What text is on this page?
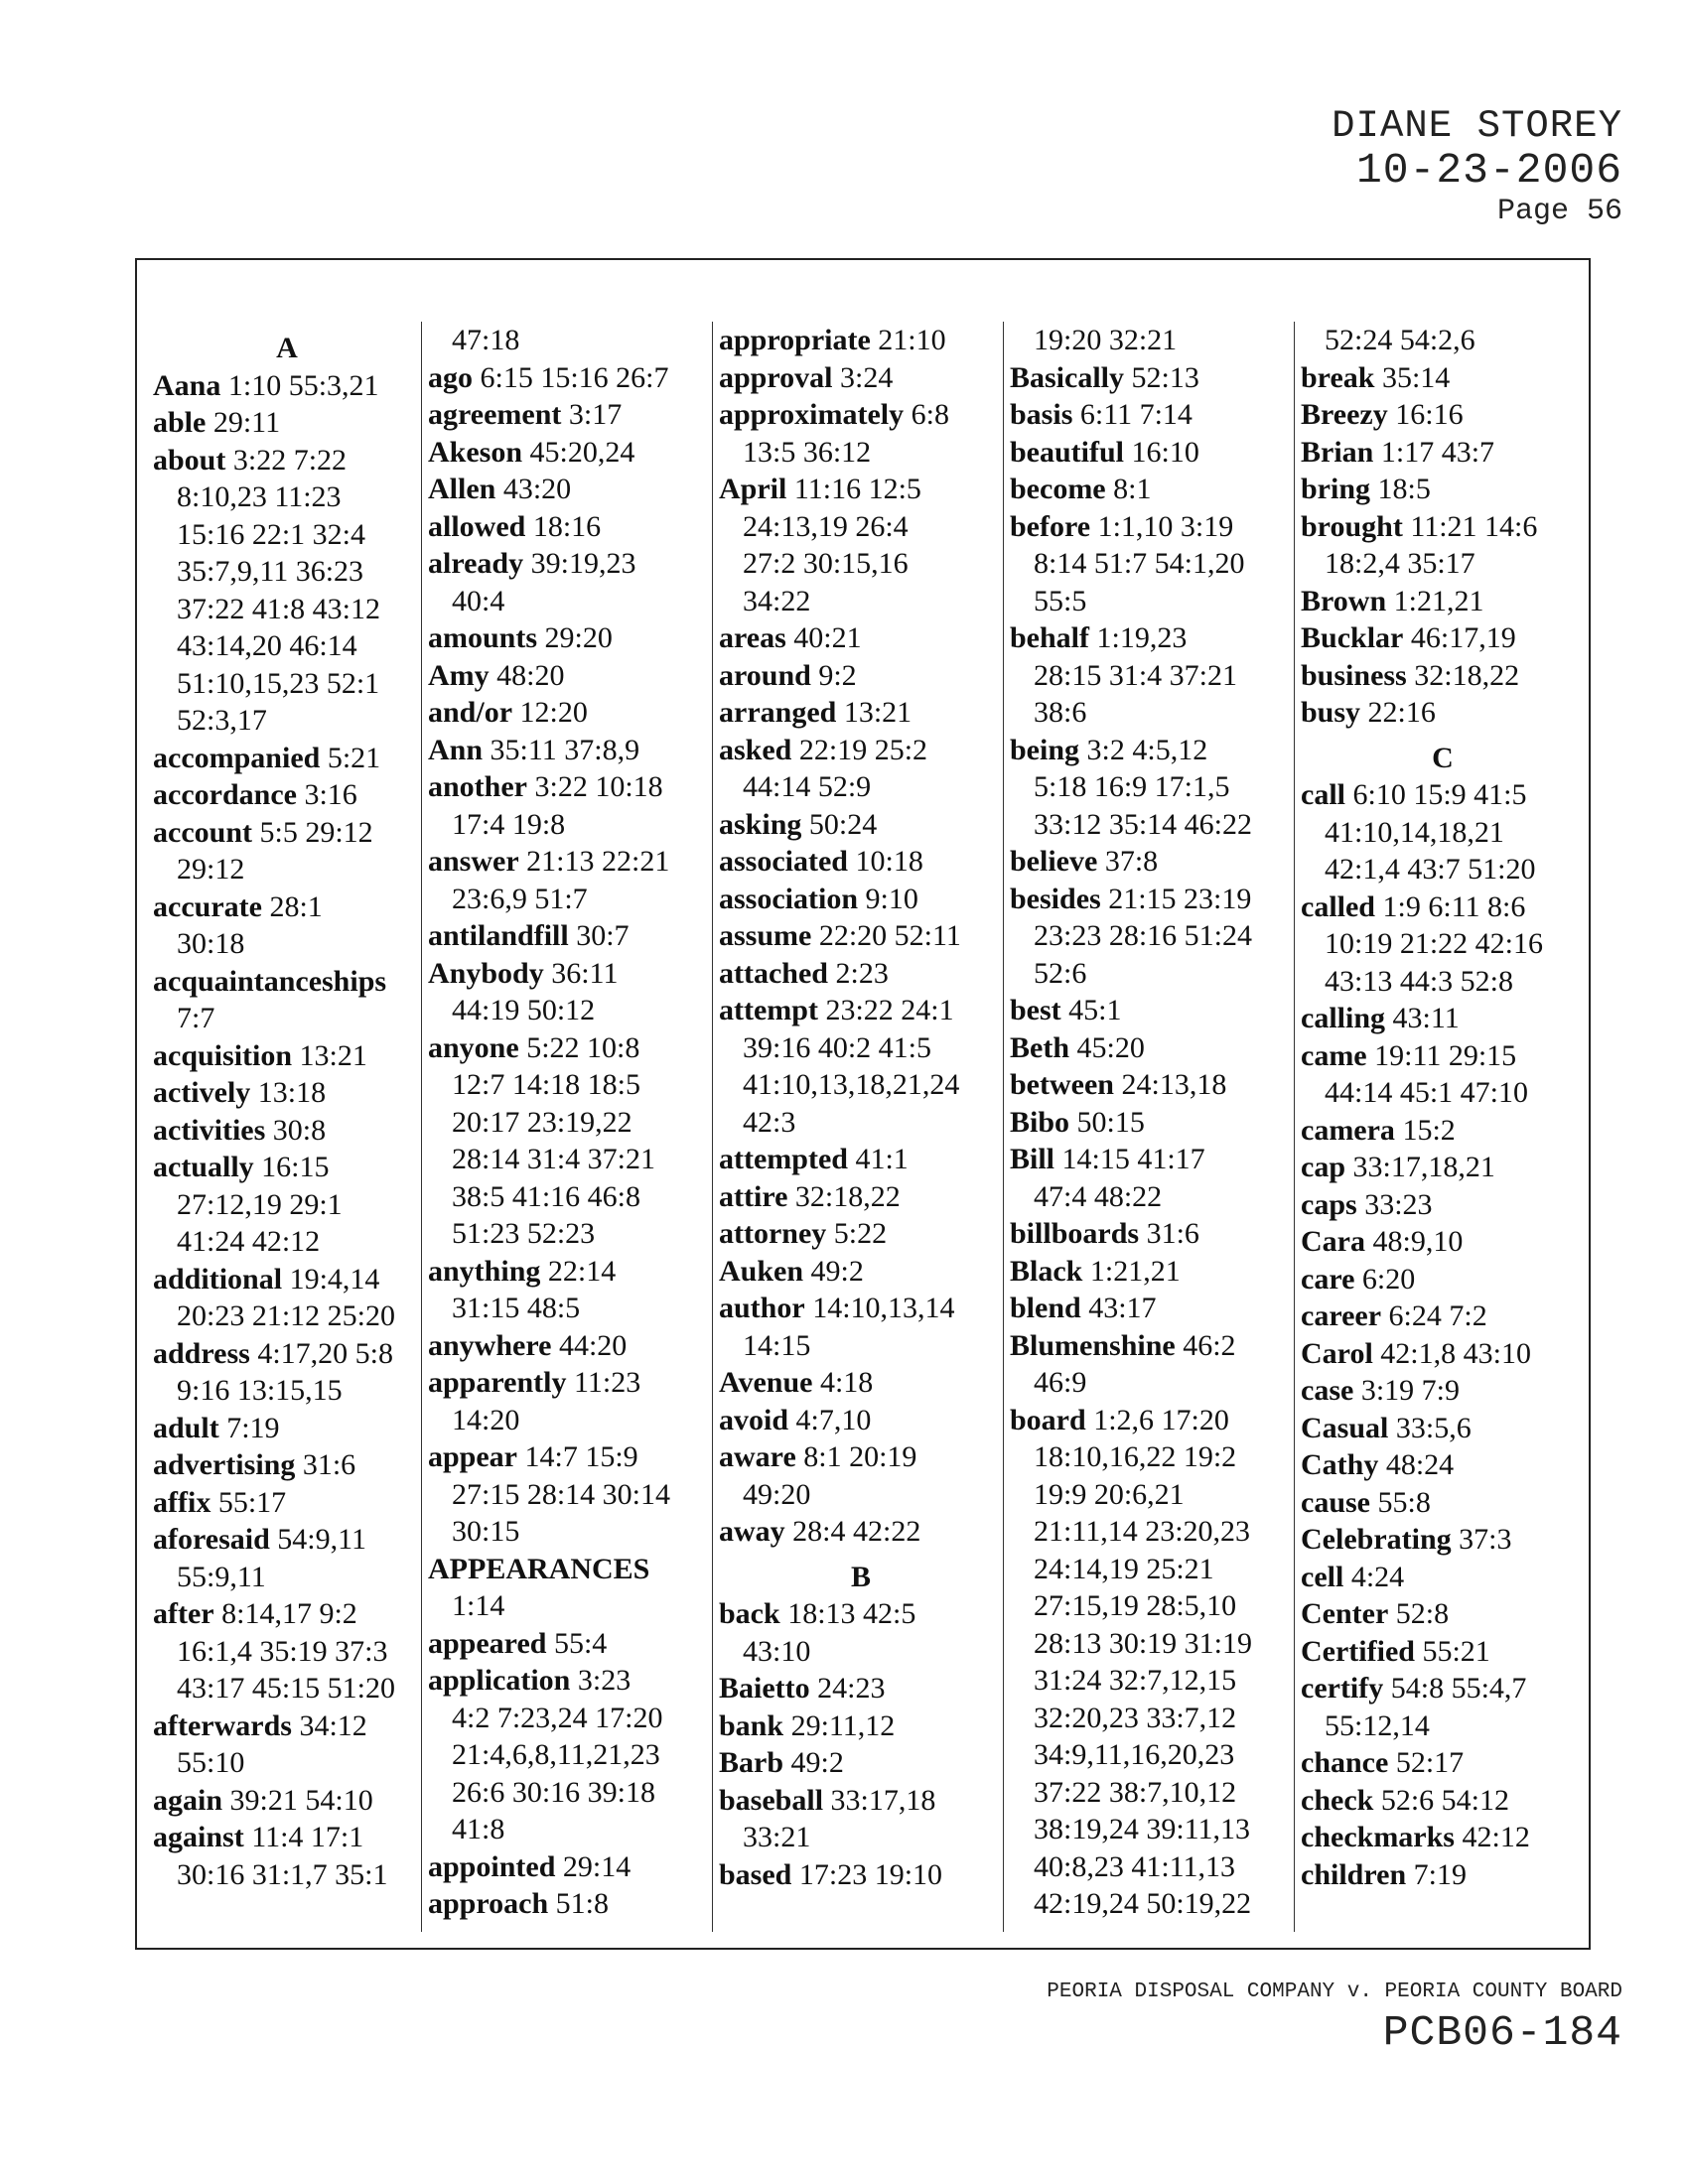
DIANE STOREY
10-23-2006
Page 56
A
Aana 1:10 55:3,21
able 29:11
about 3:22 7:22
8:10,23 11:23
15:16 22:1 32:4
35:7,9,11 36:23
37:22 41:8 43:12
43:14,20 46:14
51:10,15,23 52:1
52:3,17
accompanied 5:21
accordance 3:16
account 5:5 29:12
29:12
accurate 28:1
30:18
acquaintanceships
7:7
acquisition 13:21
actively 13:18
activities 30:8
actually 16:15
27:12,19 29:1
41:24 42:12
additional 19:4,14
20:23 21:12 25:20
address 4:17,20 5:8
9:16 13:15,15
adult 7:19
advertising 31:6
affix 55:17
aforesaid 54:9,11
55:9,11
after 8:14,17 9:2
16:1,4 35:19 37:3
43:17 45:15 51:20
afterwards 34:12
55:10
again 39:21 54:10
against 11:4 17:1
30:16 31:1,7 35:1
47:18
ago 6:15 15:16 26:7
agreement 3:17
Akeson 45:20,24
Allen 43:20
allowed 18:16
already 39:19,23
40:4
amounts 29:20
Amy 48:20
and/or 12:20
Ann 35:11 37:8,9
another 3:22 10:18
17:4 19:8
answer 21:13 22:21
23:6,9 51:7
antilandfill 30:7
Anybody 36:11
44:19 50:12
anyone 5:22 10:8
12:7 14:18 18:5
20:17 23:19,22
28:14 31:4 37:21
38:5 41:16 46:8
51:23 52:23
anything 22:14
31:15 48:5
anywhere 44:20
apparently 11:23
14:20
appear 14:7 15:9
27:15 28:14 30:14
30:15
APPEARANCES
1:14
appeared 55:4
application 3:23
4:2 7:23,24 17:20
21:4,6,8,11,21,23
26:6 30:16 39:18
41:8
appointed 29:14
approach 51:8
appropriate 21:10
approval 3:24
approximately 6:8
13:5 36:12
April 11:16 12:5
24:13,19 26:4
27:2 30:15,16
34:22
areas 40:21
around 9:2
arranged 13:21
asked 22:19 25:2
44:14 52:9
asking 50:24
associated 10:18
association 9:10
assume 22:20 52:11
attached 2:23
attempt 23:22 24:1
39:16 40:2 41:5
41:10,13,18,21,24
42:3
attempted 41:1
attire 32:18,22
attorney 5:22
Auken 49:2
author 14:10,13,14
14:15
Avenue 4:18
avoid 4:7,10
aware 8:1 20:19
49:20
away 28:4 42:22
B
back 18:13 42:5
43:10
Baietto 24:23
bank 29:11,12
Barb 49:2
baseball 33:17,18
33:21
based 17:23 19:10
19:20 32:21
Basically 52:13
basis 6:11 7:14
beautiful 16:10
become 8:1
before 1:1,10 3:19
8:14 51:7 54:1,20
55:5
behalf 1:19,23
28:15 31:4 37:21
38:6
being 3:2 4:5,12
5:18 16:9 17:1,5
33:12 35:14 46:22
believe 37:8
besides 21:15 23:19
23:23 28:16 51:24
52:6
best 45:1
Beth 45:20
between 24:13,18
Bibo 50:15
Bill 14:15 41:17
47:4 48:22
billboards 31:6
Black 1:21,21
blend 43:17
Blumenshine 46:2
46:9
board 1:2,6 17:20
18:10,16,22 19:2
19:9 20:6,21
21:11,14 23:20,23
24:14,19 25:21
27:15,19 28:5,10
28:13 30:19 31:19
31:24 32:7,12,15
32:20,23 33:7,12
34:9,11,16,20,23
37:22 38:7,10,12
38:19,24 39:11,13
40:8,23 41:11,13
42:19,24 50:19,22
52:24 54:2,6
break 35:14
Breezy 16:16
Brian 1:17 43:7
bring 18:5
brought 11:21 14:6
18:2,4 35:17
Brown 1:21,21
Bucklar 46:17,19
business 32:18,22
busy 22:16
C
call 6:10 15:9 41:5
41:10,14,18,21
42:1,4 43:7 51:20
called 1:9 6:11 8:6
10:19 21:22 42:16
43:13 44:3 52:8
calling 43:11
came 19:11 29:15
44:14 45:1 47:10
camera 15:2
cap 33:17,18,21
caps 33:23
Cara 48:9,10
care 6:20
career 6:24 7:2
Carol 42:1,8 43:10
case 3:19 7:9
Casual 33:5,6
Cathy 48:24
cause 55:8
Celebrating 37:3
cell 4:24
Center 52:8
Certified 55:21
certify 54:8 55:4,7
55:12,14
chance 52:17
check 52:6 54:12
checkmarks 42:12
children 7:19
PEORIA DISPOSAL COMPANY v. PEORIA COUNTY BOARD
PCB06-184
